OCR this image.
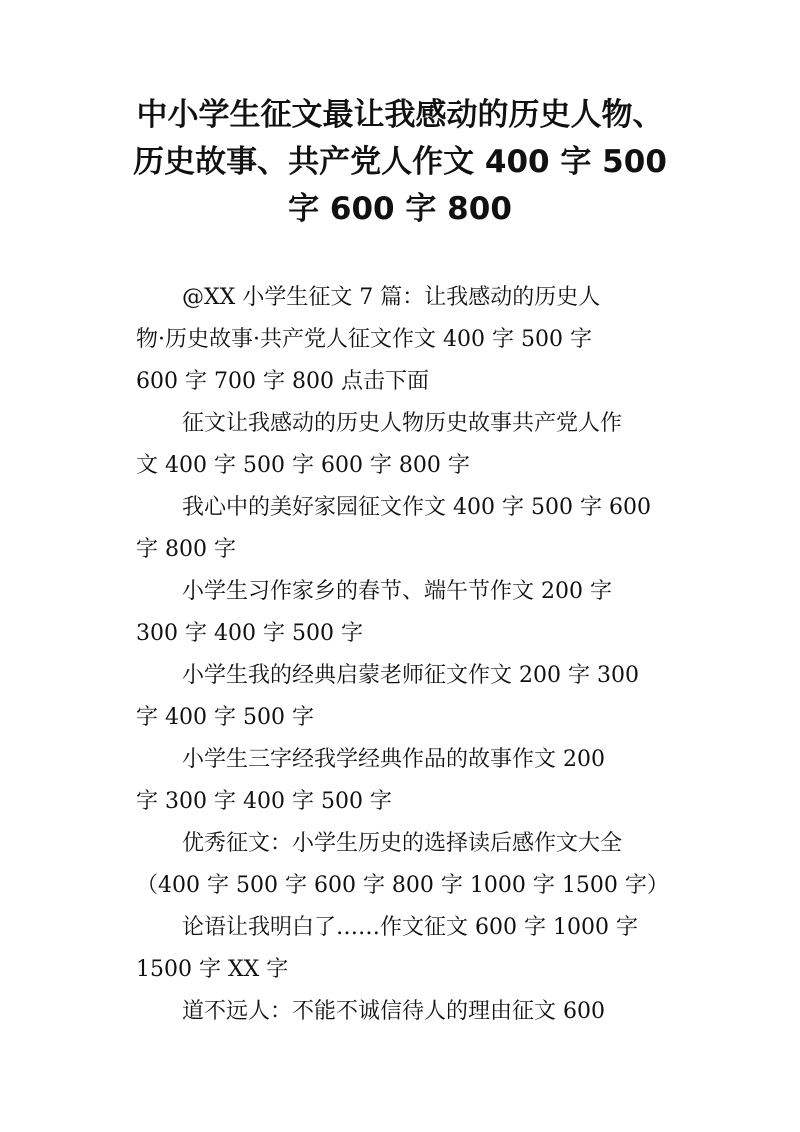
中小学生征文最让我感动的历史人物、
历史故事、共产党人作文 400 字 500
字 600 字 800

@XX 小学生征文 7 篇：让我感动的历史人
物·历史故事·共产党人征文作文 400 字 500 字
600 字 700 字 800 点击下面

征文让我感动的历史人物历史故事共产党人作
文 400 字 500 字 600 字 800 字

我心中的美好家园征文作文 400 字 500 字 600
字 800 字

小学生习作家乡的春节、端午节作文 200 字
300 字 400 字 500 字

小学生我的经典启蒙老师征文作文 200 字 300
字 400 字 500 字

小学生三字经我学经典作品的故事作文 200
字 300 字 400 字 500 字

优秀征文：小学生历史的选择读后感作文大全
（400 字 500 字 600 字 800 字 1000 字 1500 字）

论语让我明白了……作文征文 600 字 1000 字
1500 字 XX 字

道不远人：不能不诚信待人的理由征文 600
